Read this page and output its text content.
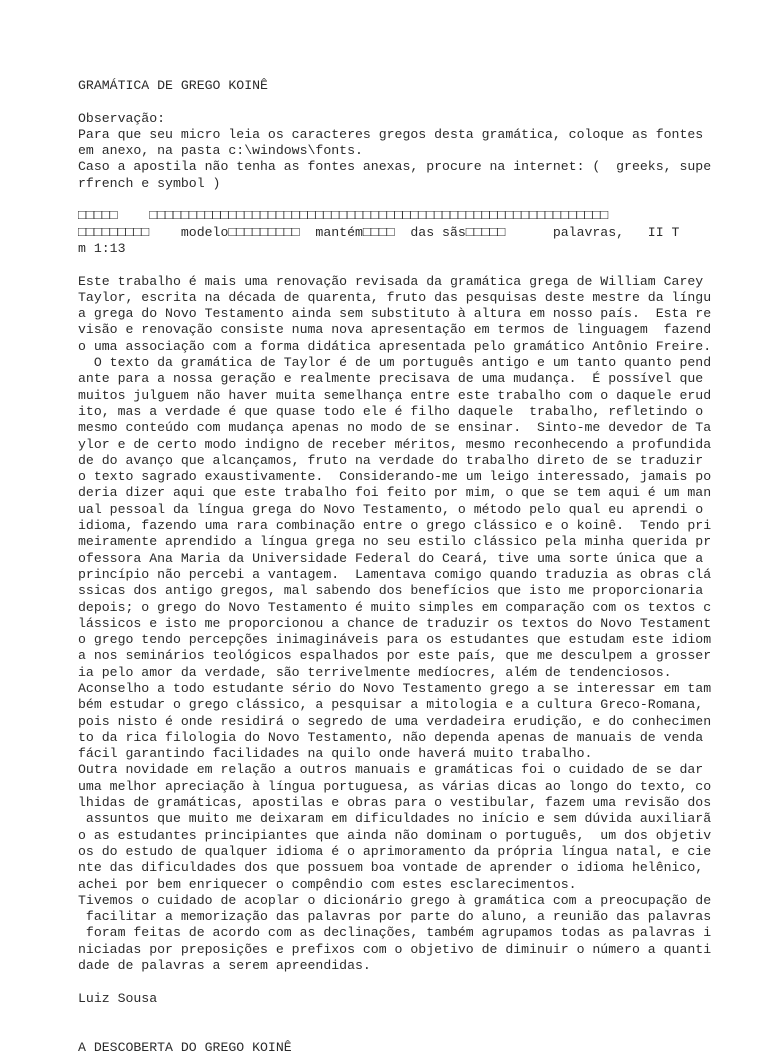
GRAMÁTICA DE GREGO KOINÊ
Observação:
Para que seu micro leia os caracteres gregos desta gramática, coloque as fontes
em anexo, na pasta c:\windows\fonts.
Caso a apostila não tenha as fontes anexas, procure na internet: (  greeks, supe
rfrench e symbol )
□□□□□    □□□□□□□□□□□□□□□□□□□□□□□□□□□□□□□□□□□□□□□□□□□□□□□□□□□□□□□□□□
□□□□□□□□□    modelo□□□□□□□□□  mantém□□□□  das sãs□□□□□      palavras,   II T
m 1:13
Este trabalho é mais uma renovação revisada da gramática grega de William Carey
Taylor, escrita na década de quarenta, fruto das pesquisas deste mestre da língu
a grega do Novo Testamento ainda sem substituto à altura em nosso país.  Esta re
visão e renovação consiste numa nova apresentação em termos de linguagem  fazend
o uma associação com a forma didática apresentada pelo gramático Antônio Freire.
O texto da gramática de Taylor é de um português antigo e um tanto quanto pend
ante para a nossa geração e realmente precisava de uma mudança.  É possível que
muitos julguem não haver muita semelhança entre este trabalho com o daquele erud
ito, mas a verdade é que quase todo ele é filho daquele  trabalho, refletindo o
mesmo conteúdo com mudança apenas no modo de se ensinar.  Sinto-me devedor de Ta
ylor e de certo modo indigno de receber méritos, mesmo reconhecendo a profundida
de do avanço que alcançamos, fruto na verdade do trabalho direto de se traduzir
o texto sagrado exaustivamente.  Considerando-me um leigo interessado, jamais po
deria dizer aqui que este trabalho foi feito por mim, o que se tem aqui é um man
ual pessoal da língua grega do Novo Testamento, o método pelo qual eu aprendi o
idioma, fazendo uma rara combinação entre o grego clássico e o koinê.  Tendo pri
meiramente aprendido a língua grega no seu estilo clássico pela minha querida pr
ofessora Ana Maria da Universidade Federal do Ceará, tive uma sorte única que a
princípio não percebi a vantagem.  Lamentava comigo quando traduzia as obras clá
ssicas dos antigo gregos, mal sabendo dos benefícios que isto me proporcionaria
depois; o grego do Novo Testamento é muito simples em comparação com os textos c
lássicos e isto me proporcionou a chance de traduzir os textos do Novo Testament
o grego tendo percepções inimagináveis para os estudantes que estudam este idiom
a nos seminários teológicos espalhados por este país, que me desculpem a grosser
ia pelo amor da verdade, são terrivelmente medíocres, além de tendenciosos.
Aconselho a todo estudante sério do Novo Testamento grego a se interessar em tam
bém estudar o grego clássico, a pesquisar a mitologia e a cultura Greco-Romana,
pois nisto é onde residirá o segredo de uma verdadeira erudição, e do conhecimen
to da rica filologia do Novo Testamento, não dependa apenas de manuais de venda
fácil garantindo facilidades na quilo onde haverá muito trabalho.
Outra novidade em relação a outros manuais e gramáticas foi o cuidado de se dar
uma melhor apreciação à língua portuguesa, as várias dicas ao longo do texto, co
lhidas de gramáticas, apostilas e obras para o vestibular, fazem uma revisão dos
assuntos que muito me deixaram em dificuldades no início e sem dúvida auxiliarã
o as estudantes principiantes que ainda não dominam o português,  um dos objetiv
os do estudo de qualquer idioma é o aprimoramento da própria língua natal, e cie
nte das dificuldades dos que possuem boa vontade de aprender o idioma helênico,
achei por bem enriquecer o compêndio com estes esclarecimentos.
Tivemos o cuidado de acoplar o dicionário grego à gramática com a preocupação de
facilitar a memorização das palavras por parte do aluno, a reunião das palavras
foram feitas de acordo com as declinações, também agrupamos todas as palavras i
niciadas por preposições e prefixos com o objetivo de diminuir o número a quanti
dade de palavras a serem apreendidas.
Luiz Sousa
A DESCOBERTA DO GREGO KOINÊ
